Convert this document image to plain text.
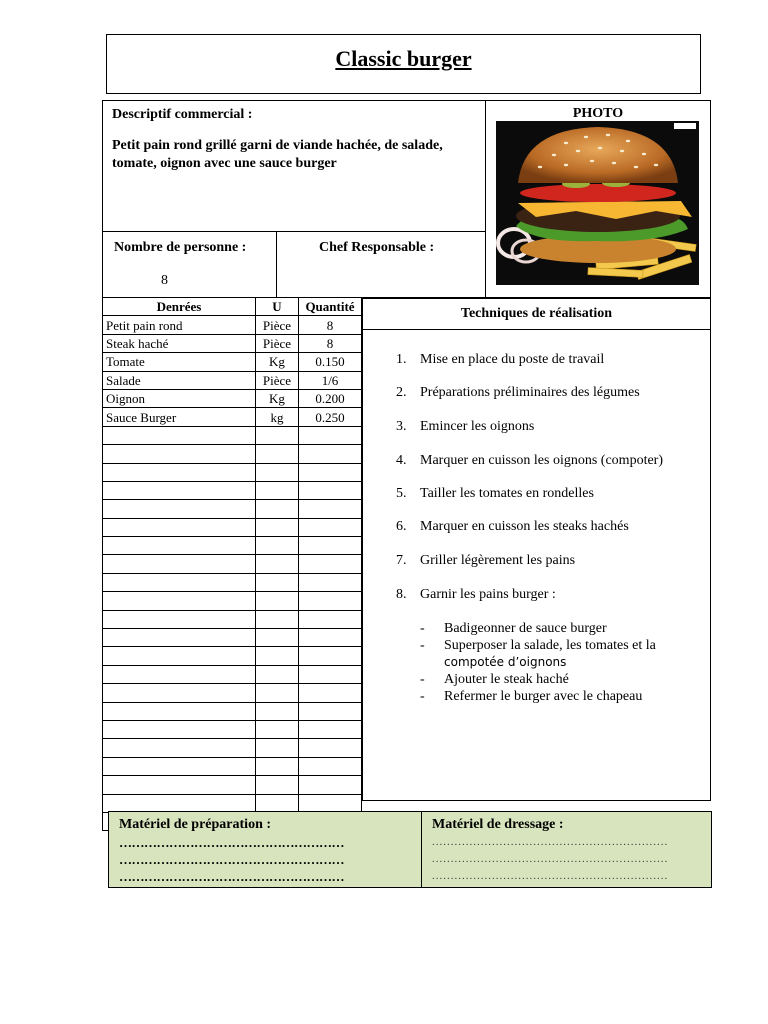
Classic burger
Descriptif commercial :
Petit pain rond grillé garni de viande hachée, de salade, tomate, oignon avec une sauce burger
PHOTO
Nombre de personne :
8
Chef Responsable :
Denrées	U	Quantité
Petit pain rond	Pièce	8
Steak haché	Pièce	8
Tomate	Kg	0.150
Salade	Pièce	1/6
Oignon	Kg	0.200
Sauce Burger	kg	0.250

Techniques de réalisation
1. Mise en place du poste de travail
2. Préparations préliminaires des légumes
3. Emincer les oignons
4. Marquer en cuisson les oignons (compoter)
5. Tailler les tomates en rondelles
6. Marquer en cuisson les steaks hachés
7. Griller légèrement les pains
8. Garnir les pains burger :
- Badigeonner de sauce burger
- Superposer la salade, les tomates et la
compotée d’oignons
- Ajouter le steak haché
- Refermer le burger avec le chapeau
Matériel de préparation :
………………………………………………
………………………………………………
………………………………………………
Matériel de dressage :
...............................................................
...............................................................
...............................................................
